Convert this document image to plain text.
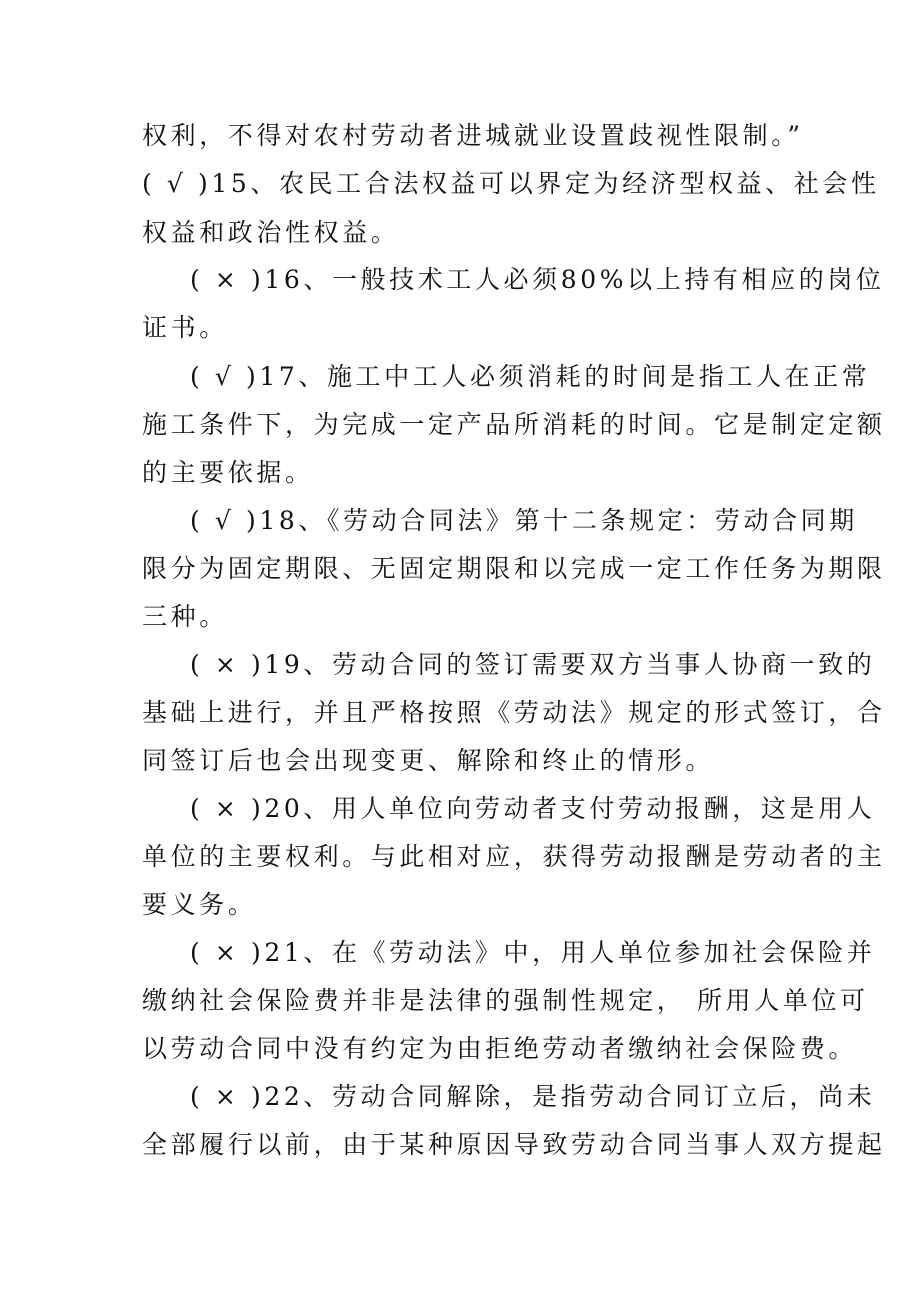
权利，不得对农村劳动者进城就业设置歧视性限制。”
( √ )15、农民工合法权益可以界定为经济型权益、社会性
权益和政治性权益。
( × )16、一般技术工人必须80%以上持有相应的岗位
证书。
( √ )17、施工中工人必须消耗的时间是指工人在正常
施工条件下，为完成一定产品所消耗的时间。它是制定定额
的主要依据。
( √ )18、《劳动合同法》第十二条规定：劳动合同期
限分为固定期限、无固定期限和以完成一定工作任务为期限
三种。
( × )19、劳动合同的签订需要双方当事人协商一致的
基础上进行，并且严格按照《劳动法》规定的形式签订，合
同签订后也会出现变更、解除和终止的情形。
( × )20、用人单位向劳动者支付劳动报酬，这是用人
单位的主要权利。与此相对应，获得劳动报酬是劳动者的主
要义务。
( × )21、在《劳动法》中，用人单位参加社会保险并
缴纳社会保险费并非是法律的强制性规定， 所用人单位可
以劳动合同中没有约定为由拒绝劳动者缴纳社会保险费。
( × )22、劳动合同解除，是指劳动合同订立后，尚未
全部履行以前，由于某种原因导致劳动合同当事人双方提起
